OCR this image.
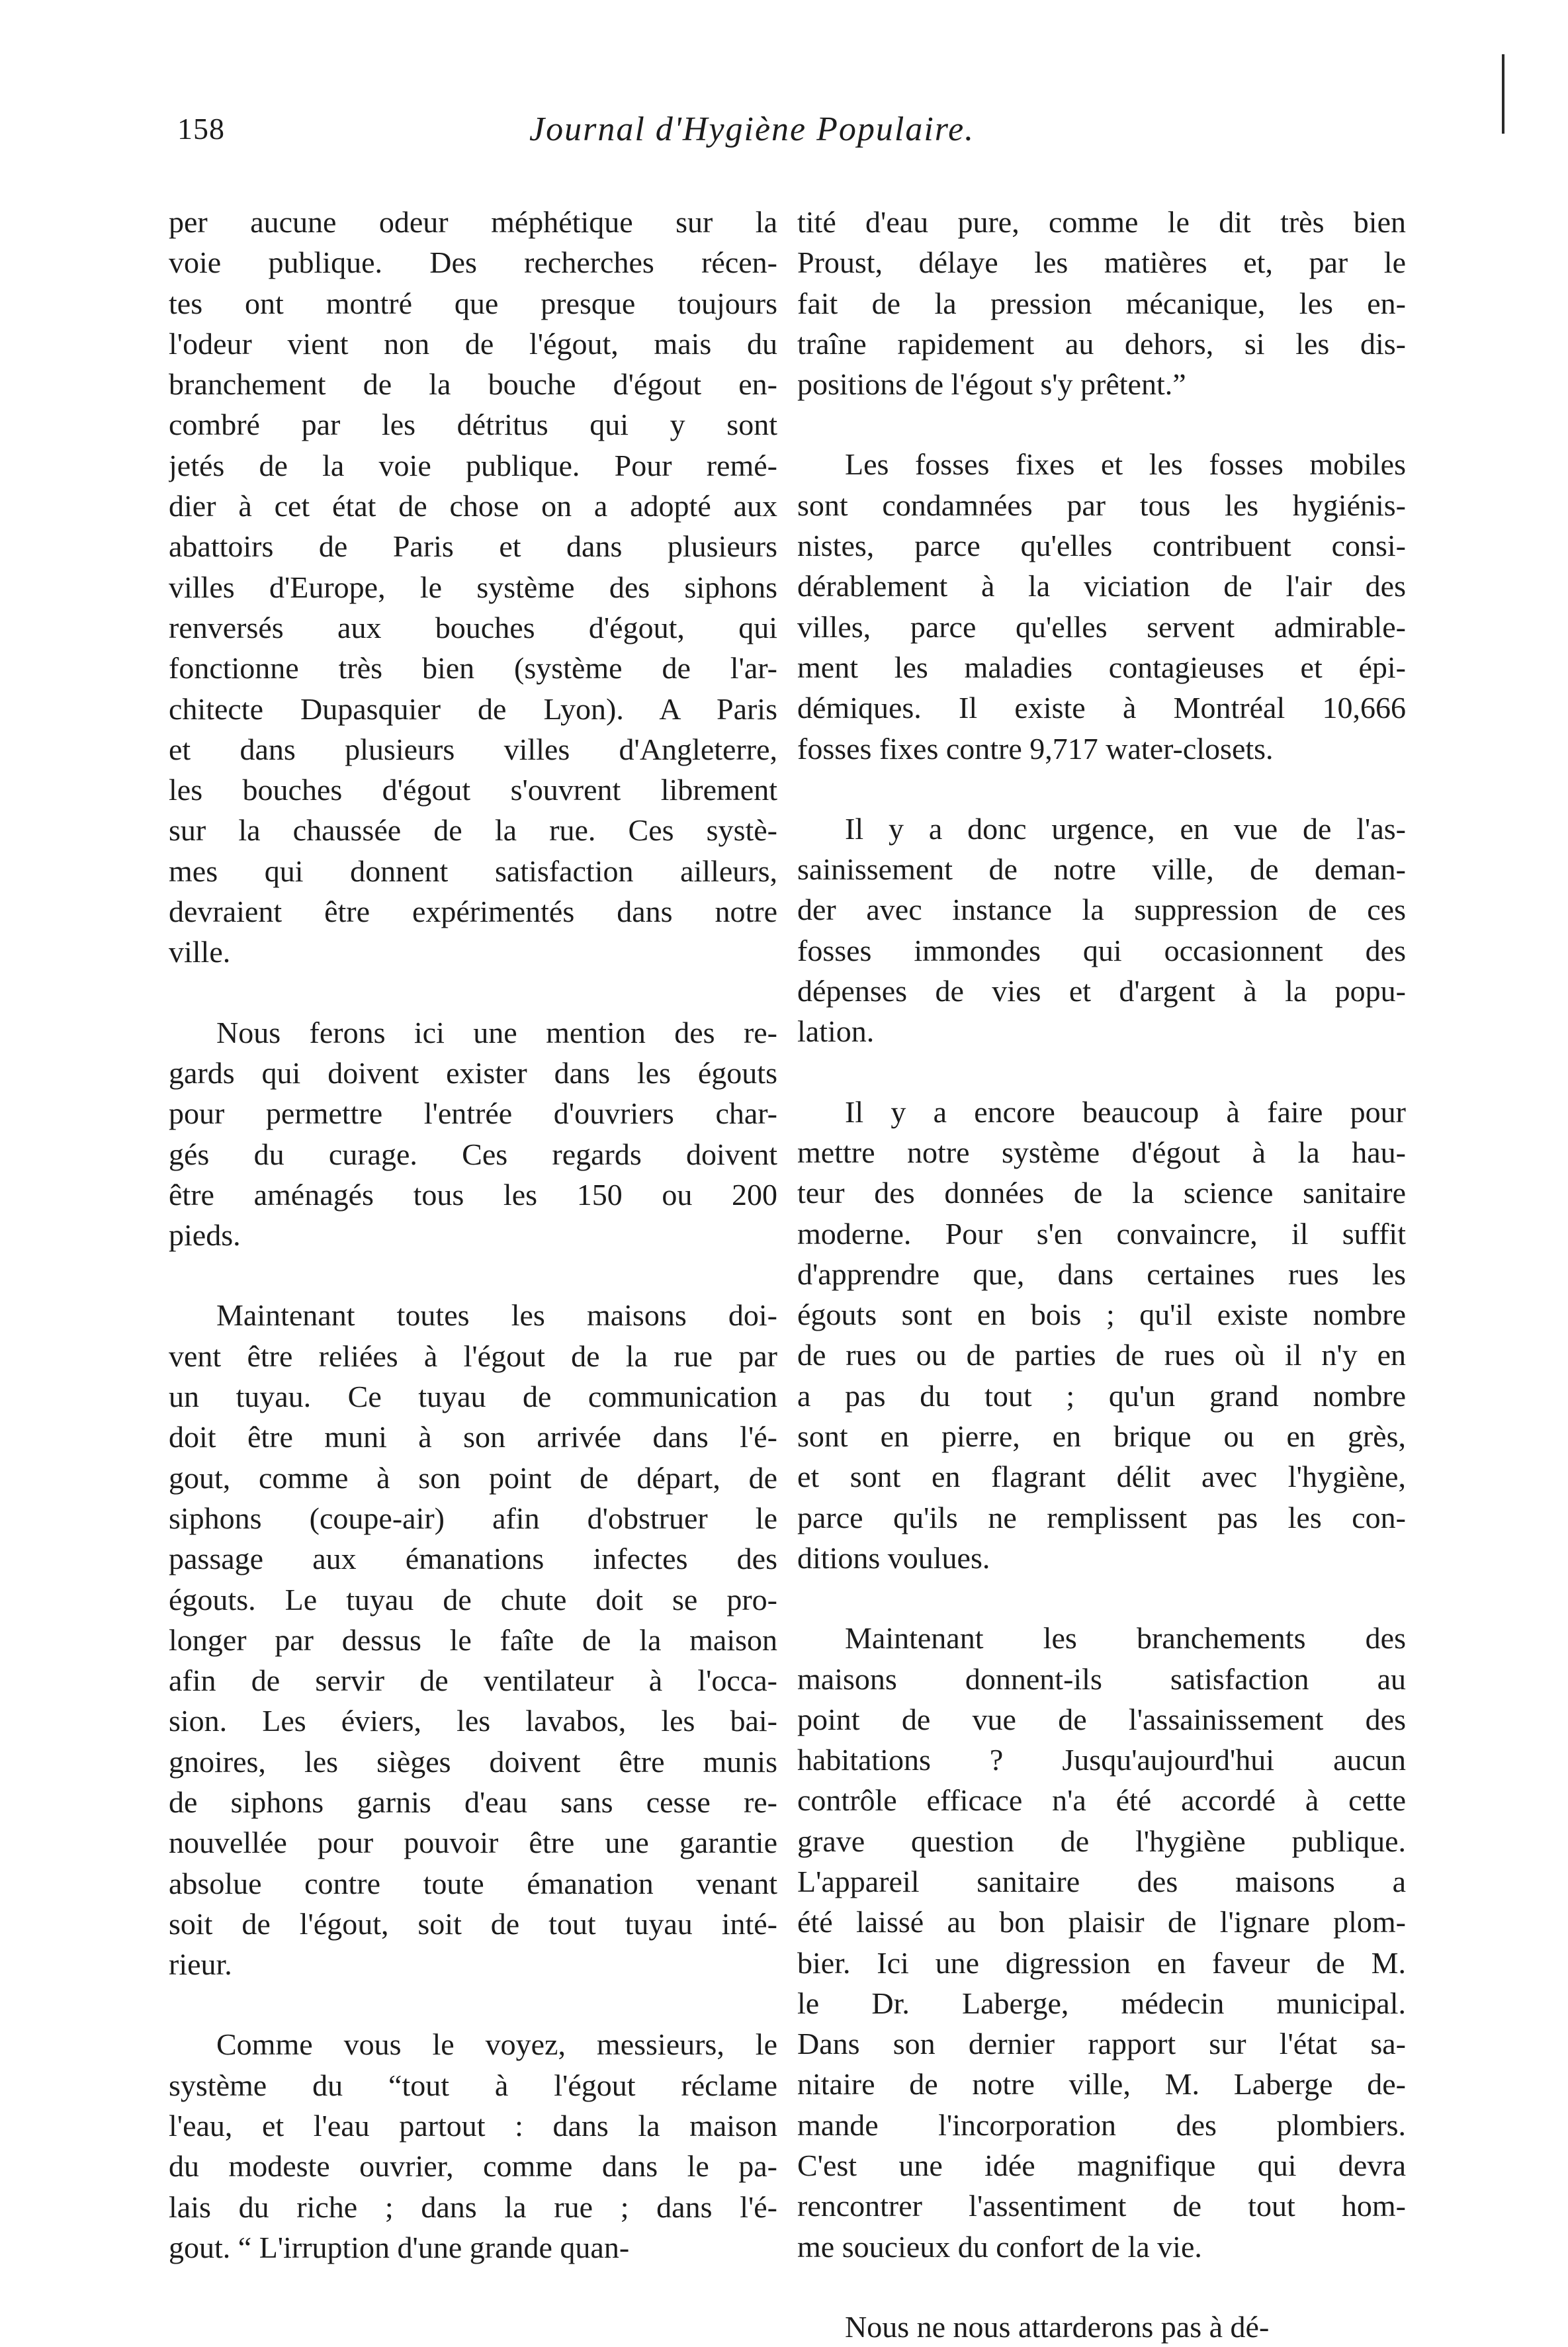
158	Journal d'Hygiène Populaire.
per aucune odeur méphétique sur la
voie publique. Des recherches récen-
tes ont montré que presque toujours
l'odeur vient non de l'égout, mais du
branchement de la bouche d'égout en-
combré par les détritus qui y sont
jetés de la voie publique. Pour remé-
dier à cet état de chose on a adopté aux
abattoirs de Paris et dans plusieurs
villes d'Europe, le système des siphons
renversés aux bouches d'égout, qui
fonctionne très bien (système de l'ar-
chitecte Dupasquier de Lyon). A Paris
et dans plusieurs villes d'Angleterre,
les bouches d'égout s'ouvrent librement
sur la chaussée de la rue. Ces systè-
mes qui donnent satisfaction ailleurs,
devraient être expérimentés dans notre
ville.
Nous ferons ici une mention des re-
gards qui doivent exister dans les égouts
pour permettre l'entrée d'ouvriers char-
gés du curage. Ces regards doivent
être aménagés tous les 150 ou 200
pieds.
Maintenant toutes les maisons doi-
vent être reliées à l'égout de la rue par
un tuyau. Ce tuyau de communication
doit être muni à son arrivée dans l'é-
gout, comme à son point de départ, de
siphons (coupe-air) afin d'obstruer le
passage aux émanations infectes des
égouts. Le tuyau de chute doit se pro-
longer par dessus le faîte de la maison
afin de servir de ventilateur à l'occa-
sion. Les éviers, les lavabos, les bai-
gnoires, les sièges doivent être munis
de siphons garnis d'eau sans cesse re-
nouvellée pour pouvoir être une garantie
absolue contre toute émanation venant
soit de l'égout, soit de tout tuyau inté-
rieur.
Comme vous le voyez, messieurs, le
système du “tout à l'égout réclame
l'eau, et l'eau partout : dans la maison
du modeste ouvrier, comme dans le pa-
lais du riche ; dans la rue ; dans l'é-
gout. “ L'irruption d'une grande quan-
tité d'eau pure, comme le dit très bien
Proust, délaye les matières et, par le
fait de la pression mécanique, les en-
traîne rapidement au dehors, si les dis-
positions de l'égout s'y prêtent.”
Les fosses fixes et les fosses mobiles
sont condamnées par tous les hygiénis-
nistes, parce qu'elles contribuent consi-
dérablement à la viciation de l'air des
villes, parce qu'elles servent admirable-
ment les maladies contagieuses et épi-
démiques. Il existe à Montréal 10,666
fosses fixes contre 9,717 water-closets.
Il y a donc urgence, en vue de l'as-
sainissement de notre ville, de deman-
der avec instance la suppression de ces
fosses immondes qui occasionnent des
dépenses de vies et d'argent à la popu-
lation.
Il y a encore beaucoup à faire pour
mettre notre système d'égout à la hau-
teur des données de la science sanitaire
moderne. Pour s'en convaincre, il suffit
d'apprendre que, dans certaines rues les
égouts sont en bois ; qu'il existe nombre
de rues ou de parties de rues où il n'y en
a pas du tout ; qu'un grand nombre
sont en pierre, en brique ou en grès,
et sont en flagrant délit avec l'hygiène,
parce qu'ils ne remplissent pas les con-
ditions voulues.
Maintenant les branchements des
maisons donnent-ils satisfaction au
point de vue de l'assainissement des
habitations ? Jusqu'aujourd'hui aucun
contrôle efficace n'a été accordé à cette
grave question de l'hygiène publique.
L'appareil sanitaire des maisons a
été laissé au bon plaisir de l'ignare plom-
bier. Ici une digression en faveur de M.
le Dr. Laberge, médecin municipal.
Dans son dernier rapport sur l'état sa-
nitaire de notre ville, M. Laberge de-
mande l'incorporation des plombiers.
C'est une idée magnifique qui devra
rencontrer l'assentiment de tout hom-
me soucieux du confort de la vie.
Nous ne nous attarderons pas à dé-
